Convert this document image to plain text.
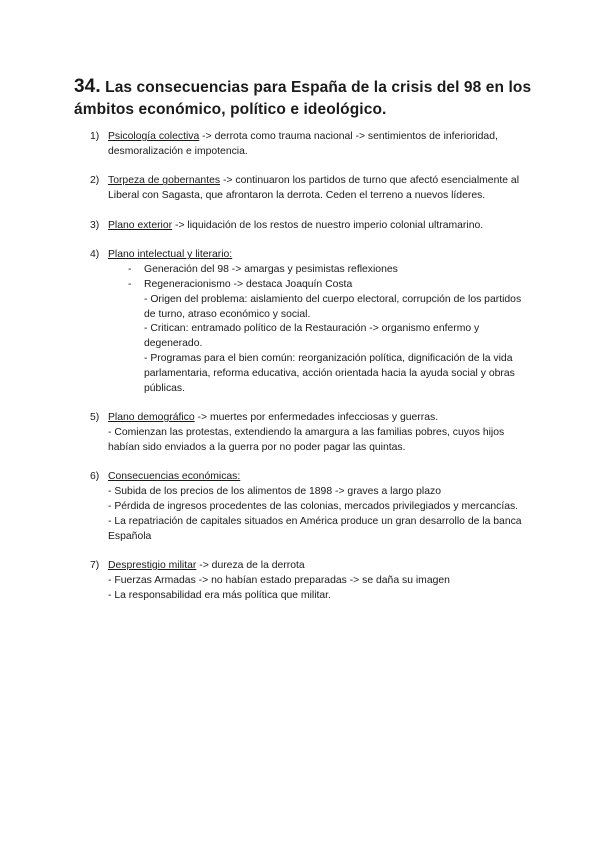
34. Las consecuencias para España de la crisis del 98 en los ámbitos económico, político e ideológico.
1) Psicología colectiva -> derrota como trauma nacional -> sentimientos de inferioridad, desmoralización e impotencia.
2) Torpeza de gobernantes -> continuaron los partidos de turno que afectó esencialmente al Liberal con Sagasta, que afrontaron la derrota. Ceden el terreno a nuevos líderes.
3) Plano exterior -> liquidación de los restos de nuestro imperio colonial ultramarino.
4) Plano intelectual y literario:
- Generación del 98 -> amargas y pesimistas reflexiones
- Regeneracionismo -> destaca Joaquín Costa
- Origen del problema: aislamiento del cuerpo electoral, corrupción de los partidos de turno, atraso económico y social.
- Critican: entramado político de la Restauración -> organismo enfermo y degenerado.
- Programas para el bien común: reorganización política, dignificación de la vida parlamentaria, reforma educativa, acción orientada hacia la ayuda social y obras públicas.
5) Plano demográfico -> muertes por enfermedades infecciosas y guerras.
- Comienzan las protestas, extendiendo la amargura a las familias pobres, cuyos hijos habían sido enviados a la guerra por no poder pagar las quintas.
6) Consecuencias económicas:
- Subida de los precios de los alimentos de 1898 -> graves a largo plazo
- Pérdida de ingresos procedentes de las colonias, mercados privilegiados y mercancías.
- La repatriación de capitales situados en América produce un gran desarrollo de la banca Española
7) Desprestigio militar -> dureza de la derrota
- Fuerzas Armadas -> no habían estado preparadas -> se daña su imagen
- La responsabilidad era más política que militar.
